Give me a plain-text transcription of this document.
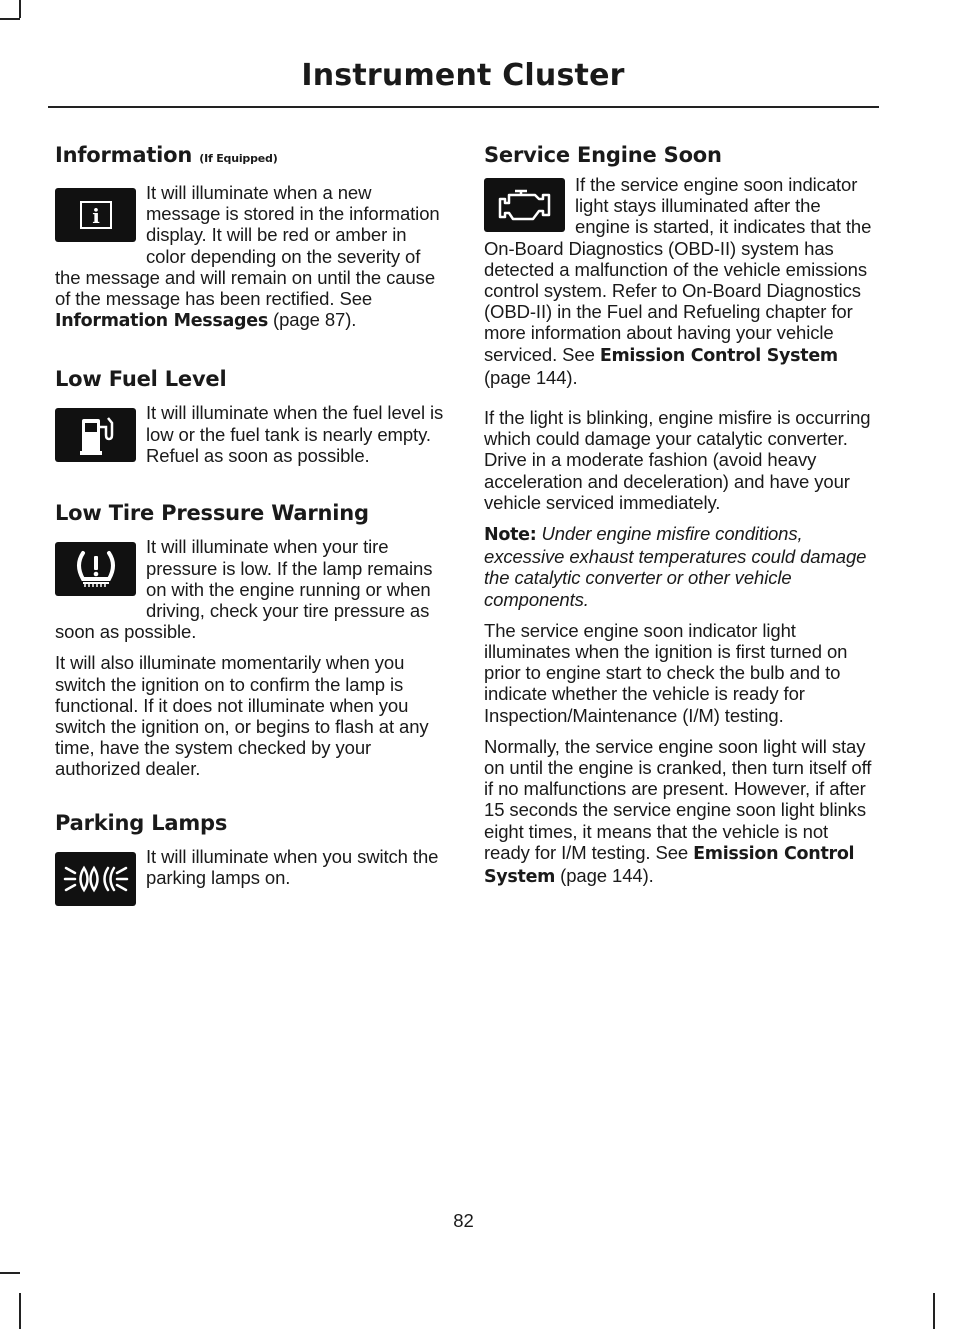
Instrument Cluster
Information (If Equipped)
i

It will illuminate when a new message is stored in the information display. It will be red or amber in color depending on the severity of the message and will remain on until the cause of the message has been rectified. See Information Messages (page 87).

Low Fuel Level

It will illuminate when the fuel level is low or the fuel tank is nearly empty. Refuel as soon as possible.

Low Tire Pressure Warning

It will illuminate when your tire pressure is low. If the lamp remains on with the engine running or when driving, check your tire pressure as soon as possible.

It will also illuminate momentarily when you switch the ignition on to confirm the lamp is functional. If it does not illuminate when you switch the ignition on, or begins to flash at any time, have the system checked by your authorized dealer.

Parking Lamps

It will illuminate when you switch the parking lamps on.

Service Engine Soon

If the service engine soon indicator light stays illuminated after the engine is started, it indicates that the On-Board Diagnostics (OBD-II) system has detected a malfunction of the vehicle emissions control system. Refer to On-Board Diagnostics (OBD-II) in the Fuel and Refueling chapter for more information about having your vehicle serviced. See Emission Control System (page 144).

If the light is blinking, engine misfire is occurring which could damage your catalytic converter. Drive in a moderate fashion (avoid heavy acceleration and deceleration) and have your vehicle serviced immediately.

Note: Under engine misfire conditions, excessive exhaust temperatures could damage the catalytic converter or other vehicle components.

The service engine soon indicator light illuminates when the ignition is first turned on prior to engine start to check the bulb and to indicate whether the vehicle is ready for Inspection/Maintenance (I/M) testing.

Normally, the service engine soon light will stay on until the engine is cranked, then turn itself off if no malfunctions are present. However, if after 15 seconds the service engine soon light blinks eight times, it means that the vehicle is not ready for I/M testing. See Emission Control System (page 144).

82
